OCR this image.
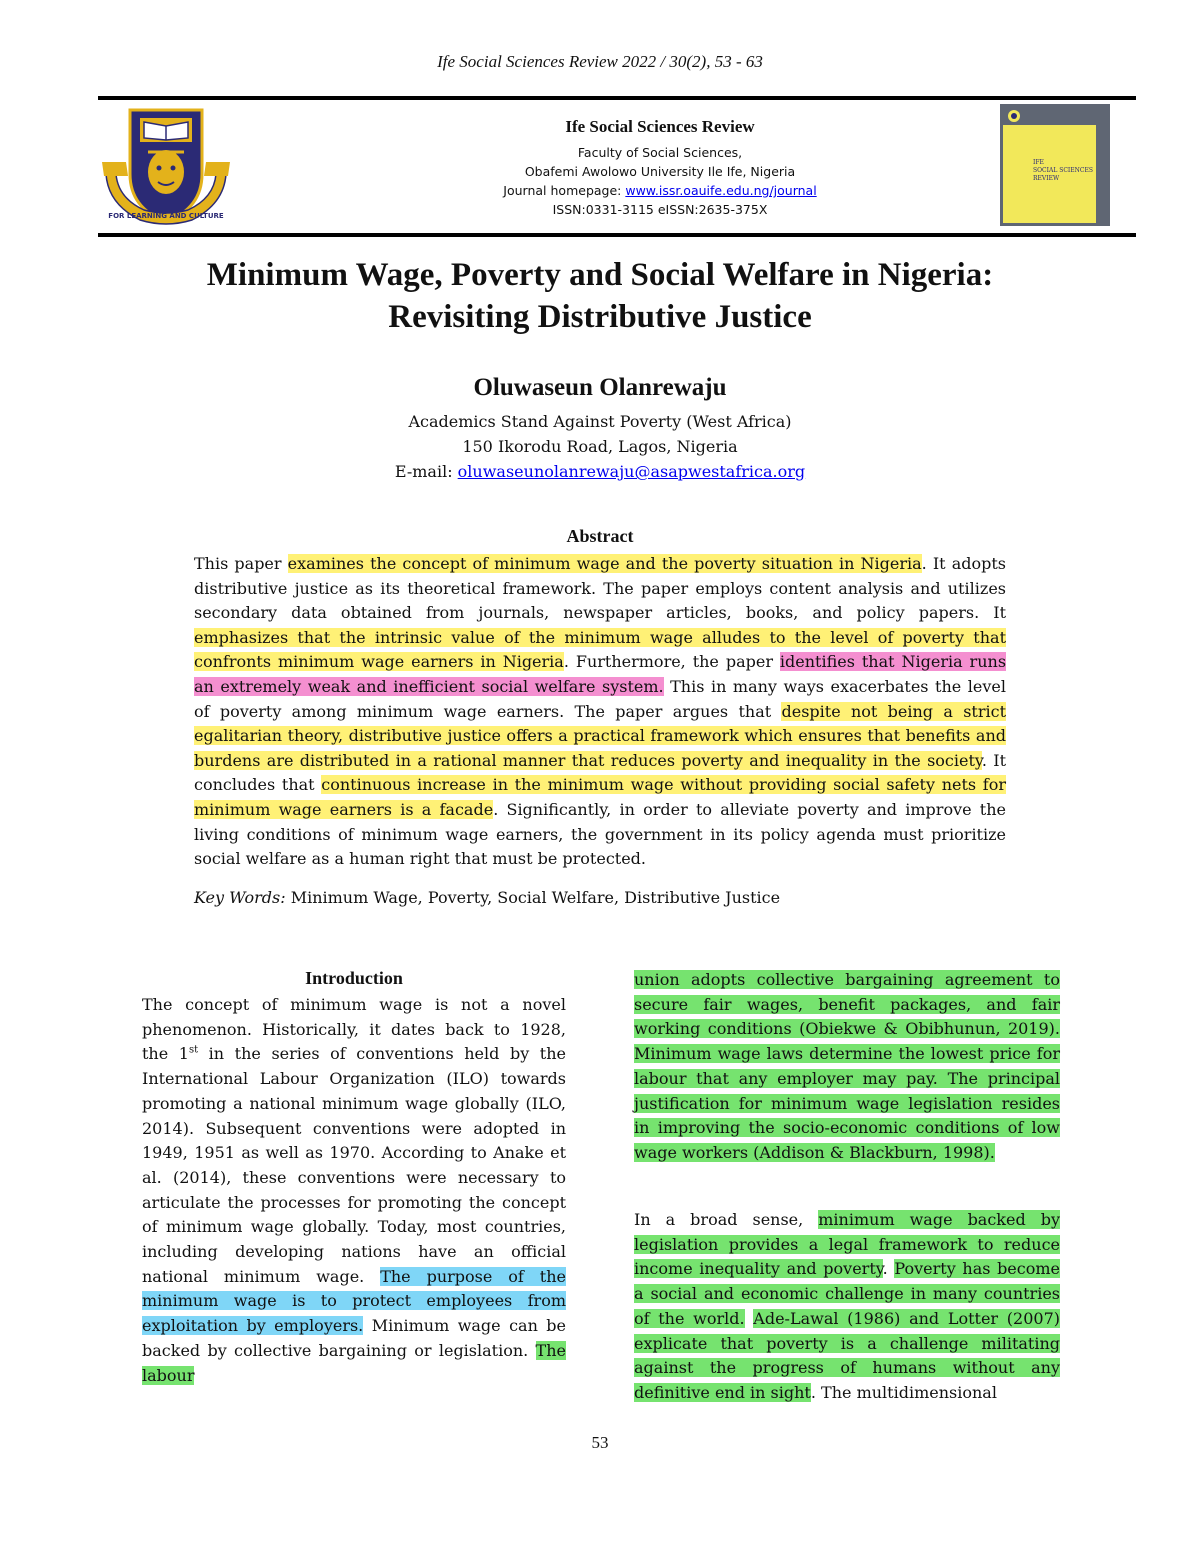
Ife Social Sciences Review 2022 / 30(2), 53 - 63
FOR LEARNING AND CULTURE
Ife Social Sciences Review
Faculty of Social Sciences,
Obafemi Awolowo University Ile Ife, Nigeria
Journal homepage: www.issr.oauife.edu.ng/journal
ISSN:0331-3115 eISSN:2635-375X
IFE
SOCIAL SCIENCES
REVIEW
Minimum Wage, Poverty and Social Welfare in Nigeria:
Revisiting Distributive Justice
Oluwaseun Olanrewaju
Academics Stand Against Poverty (West Africa)
150 Ikorodu Road, Lagos, Nigeria
E-mail: oluwaseunolanrewaju@asapwestafrica.org
Abstract
This paper examines the concept of minimum wage and the poverty situation in Nigeria. It adopts distributive justice as its theoretical framework. The paper employs content analysis and utilizes secondary data obtained from journals, newspaper articles, books, and policy papers. It emphasizes that the intrinsic value of the minimum wage alludes to the level of poverty that confronts minimum wage earners in Nigeria. Furthermore, the paper identifies that Nigeria runs an extremely weak and inefficient social welfare system. This in many ways exacerbates the level of poverty among minimum wage earners. The paper argues that despite not being a strict egalitarian theory, distributive justice offers a practical framework which ensures that benefits and burdens are distributed in a rational manner that reduces poverty and inequality in the society. It concludes that continuous increase in the minimum wage without providing social safety nets for minimum wage earners is a facade. Significantly, in order to alleviate poverty and improve the living conditions of minimum wage earners, the government in its policy agenda must prioritize social welfare as a human right that must be protected.
Key Words: Minimum Wage, Poverty, Social Welfare, Distributive Justice
Introduction
The concept of minimum wage is not a novel phenomenon. Historically, it dates back to 1928, the 1st in the series of conventions held by the International Labour Organization (ILO) towards promoting a national minimum wage globally (ILO, 2014). Subsequent conventions were adopted in 1949, 1951 as well as 1970. According to Anake et al. (2014), these conventions were necessary to articulate the processes for promoting the concept of minimum wage globally. Today, most countries, including developing nations have an official national minimum wage. The purpose of the minimum wage is to protect employees from exploitation by employers. Minimum wage can be backed by collective bargaining or legislation. The labour
union adopts collective bargaining agreement to secure fair wages, benefit packages, and fair working conditions (Obiekwe & Obibhunun, 2019). Minimum wage laws determine the lowest price for labour that any employer may pay. The principal justification for minimum wage legislation resides in improving the socio-economic conditions of low wage workers (Addison & Blackburn, 1998).
In a broad sense, minimum wage backed by legislation provides a legal framework to reduce income inequality and poverty. Poverty has become a social and economic challenge in many countries of the world. Ade-Lawal (1986) and Lotter (2007) explicate that poverty is a challenge militating against the progress of humans without any definitive end in sight. The multidimensional
53
